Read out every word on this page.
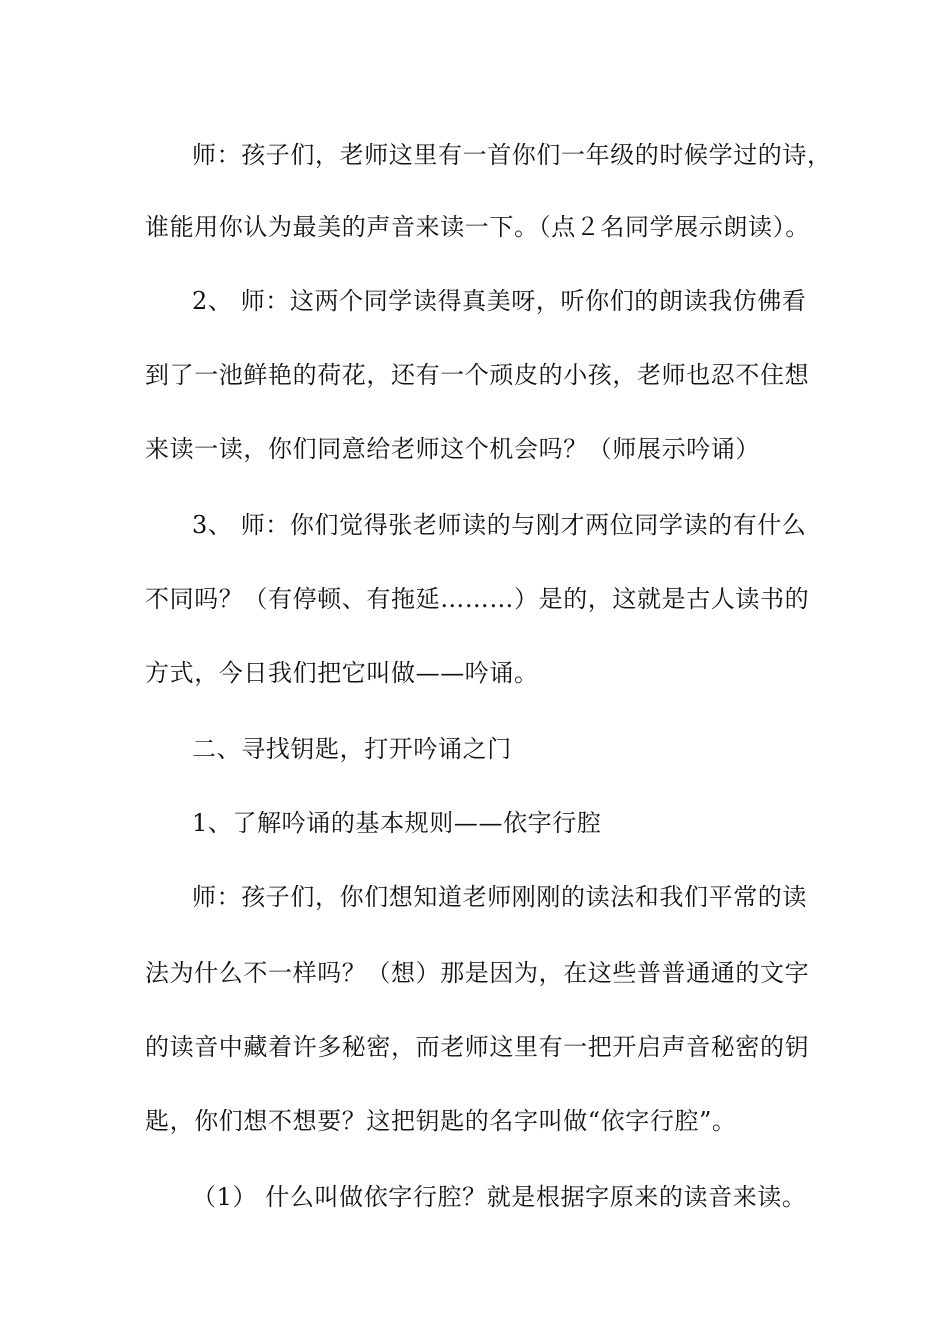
师：孩子们，老师这里有一首你们一年级的时候学过的诗，
谁能用你认为最美的声音来读一下。（点２名同学展示朗读）。
2、 师：这两个同学读得真美呀，听你们的朗读我仿佛看
到了一池鲜艳的荷花，还有一个顽皮的小孩，老师也忍不住想
来读一读，你们同意给老师这个机会吗？（师展示吟诵）
3、 师：你们觉得张老师读的与刚才两位同学读的有什么
不同吗？（有停顿、有拖延………）是的，这就是古人读书的
方式，今日我们把它叫做——吟诵。
二、寻找钥匙，打开吟诵之门
1、了解吟诵的基本规则——依字行腔
师：孩子们，你们想知道老师刚刚的读法和我们平常的读
法为什么不一样吗？（想）那是因为，在这些普普通通的文字
的读音中藏着许多秘密，而老师这里有一把开启声音秘密的钥
匙，你们想不想要？这把钥匙的名字叫做“依字行腔”。
（1） 什么叫做依字行腔？就是根据字原来的读音来读。
